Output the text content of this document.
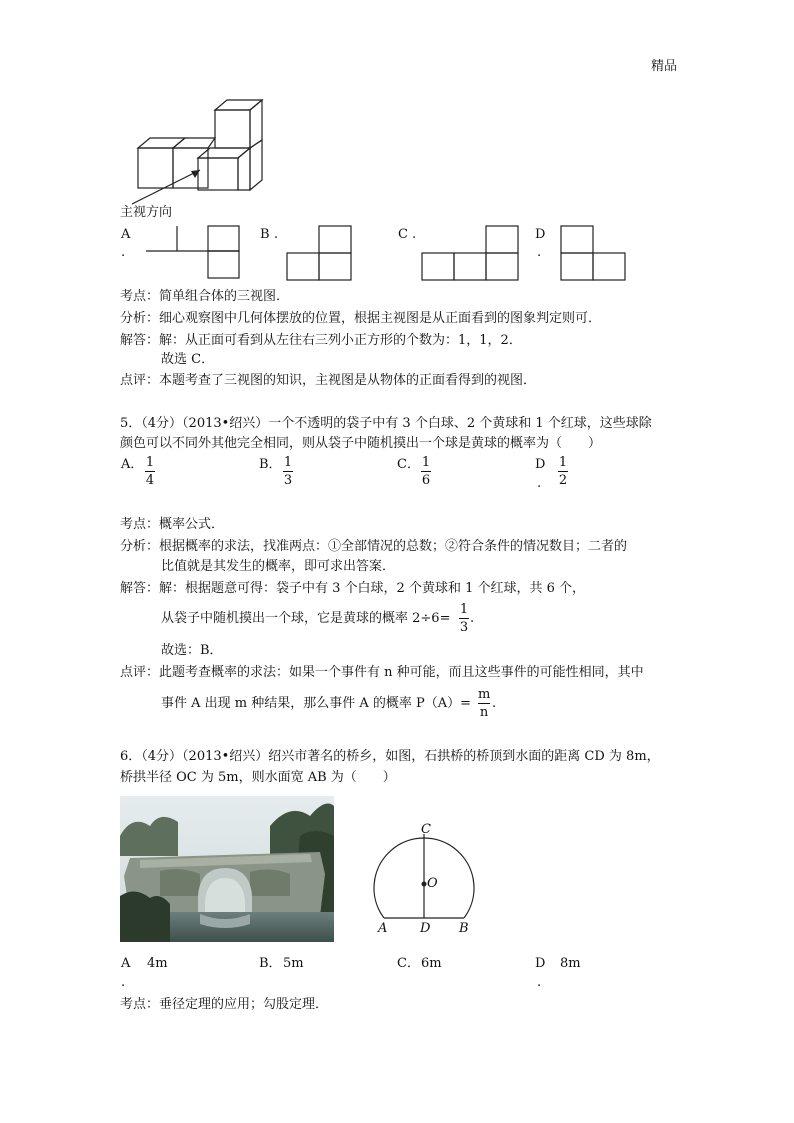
精品
主视方向
A
.
B .	C .	D
.
考点：简单组合体的三视图．
分析：细心观察图中几何体摆放的位置，根据主视图是从正面看到的图象判定则可．
解答：解：从正面可看到从左往右三列小正方形的个数为：1，1，2．
故选 C．
点评：本题考查了三视图的知识，主视图是从物体的正面看得到的视图．
5．（4分）（2013•绍兴）一个不透明的袋子中有 3 个白球、2 个黄球和 1 个红球，这些球除
颜色可以不同外其他完全相同，则从袋子中随机摸出一个球是黄球的概率为（　　）
A． 1
4
B． 1
3
C． 1
6
D
.
1
2
考点：概率公式．
分析：根据概率的求法，找准两点：①全部情况的总数；②符合条件的情况数目；二者的
比值就是其发生的概率，即可求出答案．
解答：解：根据题意可得：袋子中有 3 个白球，2 个黄球和 1 个红球，共 6 个，
从袋子中随机摸出一个球，它是黄球的概率 2÷6=
1
3
.
故选：B．
点评：此题考查概率的求法：如果一个事件有 n 种可能，而且这些事件的可能性相同，其中
事件 A 出现 m 种结果，那么事件 A 的概率 P（A）=
m
n
.
6．（4分）（2013•绍兴）绍兴市著名的桥乡，如图，石拱桥的桥顶到水面的距离 CD 为 8m，
桥拱半径 OC 为 5m，则水面宽 AB 为（　　）
C
O
A	D B
A 4m
.
B． 5m	C． 6m	D 8m
.
考点：垂径定理的应用；勾股定理．
